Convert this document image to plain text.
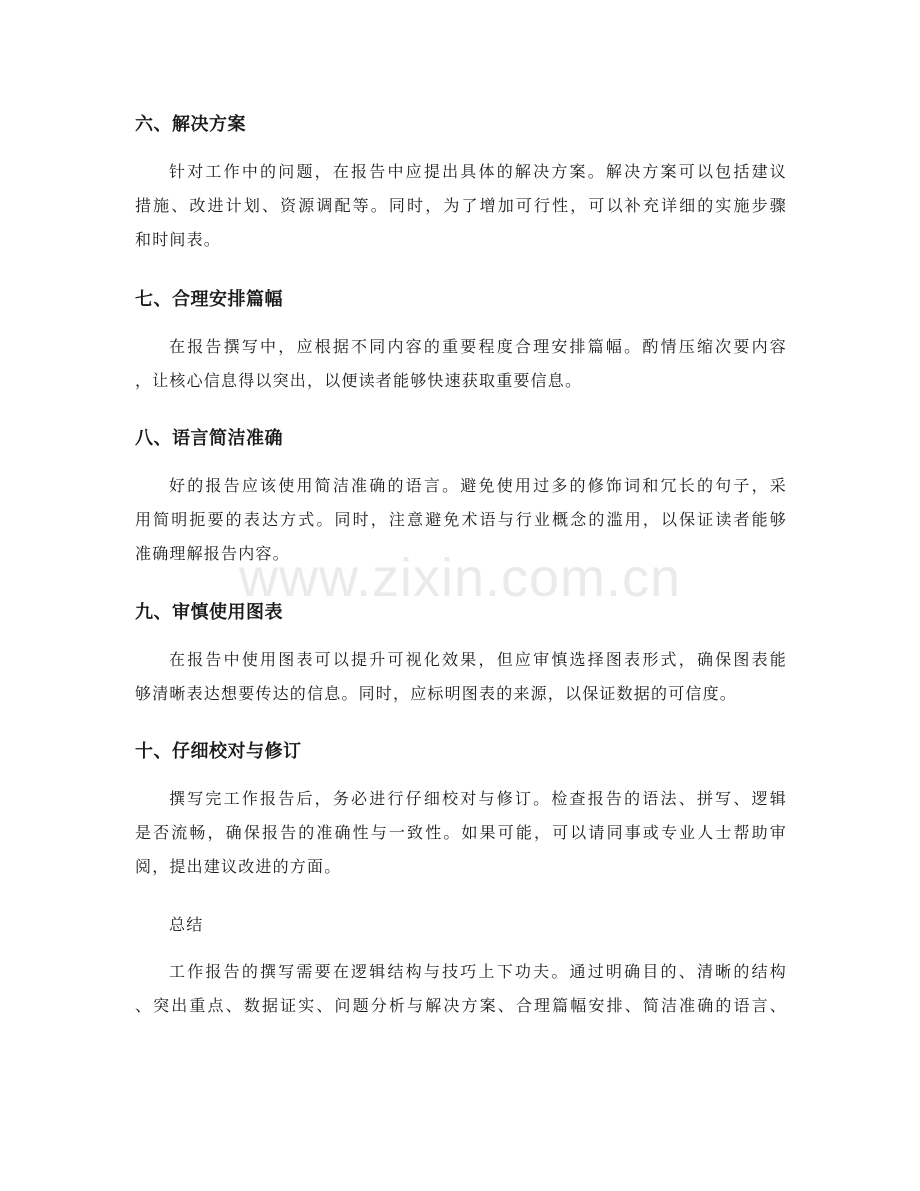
六、解决方案
针对工作中的问题，在报告中应提出具体的解决方案。解决方案可以包括建议
措施、改进计划、资源调配等。同时，为了增加可行性，可以补充详细的实施步骤
和时间表。
七、合理安排篇幅
在报告撰写中，应根据不同内容的重要程度合理安排篇幅。酌情压缩次要内容
，让核心信息得以突出，以便读者能够快速获取重要信息。
八、语言简洁准确
好的报告应该使用简洁准确的语言。避免使用过多的修饰词和冗长的句子，采
用简明扼要的表达方式。同时，注意避免术语与行业概念的滥用，以保证读者能够
准确理解报告内容。
九、审慎使用图表
在报告中使用图表可以提升可视化效果，但应审慎选择图表形式，确保图表能
够清晰表达想要传达的信息。同时，应标明图表的来源，以保证数据的可信度。
十、仔细校对与修订
撰写完工作报告后，务必进行仔细校对与修订。检查报告的语法、拼写、逻辑
是否流畅，确保报告的准确性与一致性。如果可能，可以请同事或专业人士帮助审
阅，提出建议改进的方面。
总结
工作报告的撰写需要在逻辑结构与技巧上下功夫。通过明确目的、清晰的结构
、突出重点、数据证实、问题分析与解决方案、合理篇幅安排、简洁准确的语言、
www.zixin.com.cn
